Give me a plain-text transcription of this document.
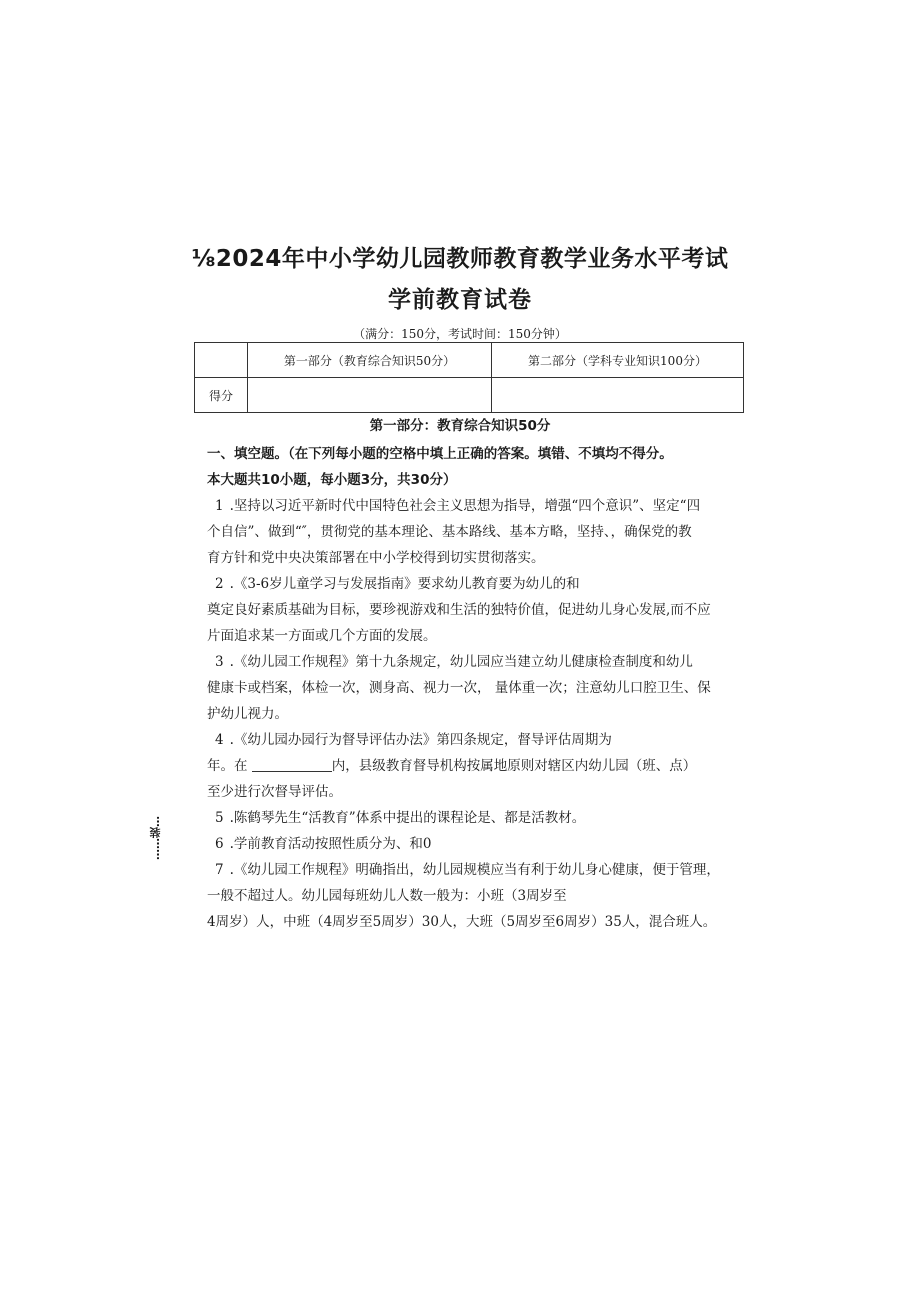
⅛2024年中小学幼儿园教师教育教学业务水平考试
学前教育试卷
（满分：150分，考试时间：150分钟）
	第一部分（教育综合知识50分）	第二部分（学科专业知识100分）
得分		
第一部分：教育综合知识50分

一、填空题。（在下列每小题的空格中填上正确的答案。填错、不填均不得分。

本大题共10小题，每小题3分，共30分）

1 .坚持以习近平新时代中国特色社会主义思想为指导，增强“四个意识”、坚定“四

个自信”、做到“″，贯彻党的基本理论、基本路线、基本方略，坚持、，确保党的教

育方针和党中央决策部署在中小学校得到切实贯彻落实。

2 .《3-6岁儿童学习与发展指南》要求幼儿教育要为幼儿的和

奠定良好素质基础为目标，要珍视游戏和生活的独特价值，促进幼儿身心发展,而不应

片面追求某一方面或几个方面的发展。

3 .《幼儿园工作规程》第十九条规定，幼儿园应当建立幼儿健康检查制度和幼儿

健康卡或档案，体检一次，测身高、视力一次， 量体重一次；注意幼儿口腔卫生、保

护幼儿视力。

4 .《幼儿园办园行为督导评估办法》第四条规定，督导评估周期为

年。在	内，县级教育督导机构按属地原则对辖区内幼儿园（班、点）

至少进行次督导评估。

5 .陈鹤琴先生“活教育”体系中提出的课程论是、都是活教材。

6 .学前教育活动按照性质分为、和0

7 .《幼儿园工作规程》明确指出，幼儿园规模应当有利于幼儿身心健康，便于管理，

一般不超过人。幼儿园每班幼儿人数一般为：小班（3周岁至

4周岁）人，中班（4周岁至5周岁）30人，大班（5周岁至6周岁）35人，混合班人。

……装…
